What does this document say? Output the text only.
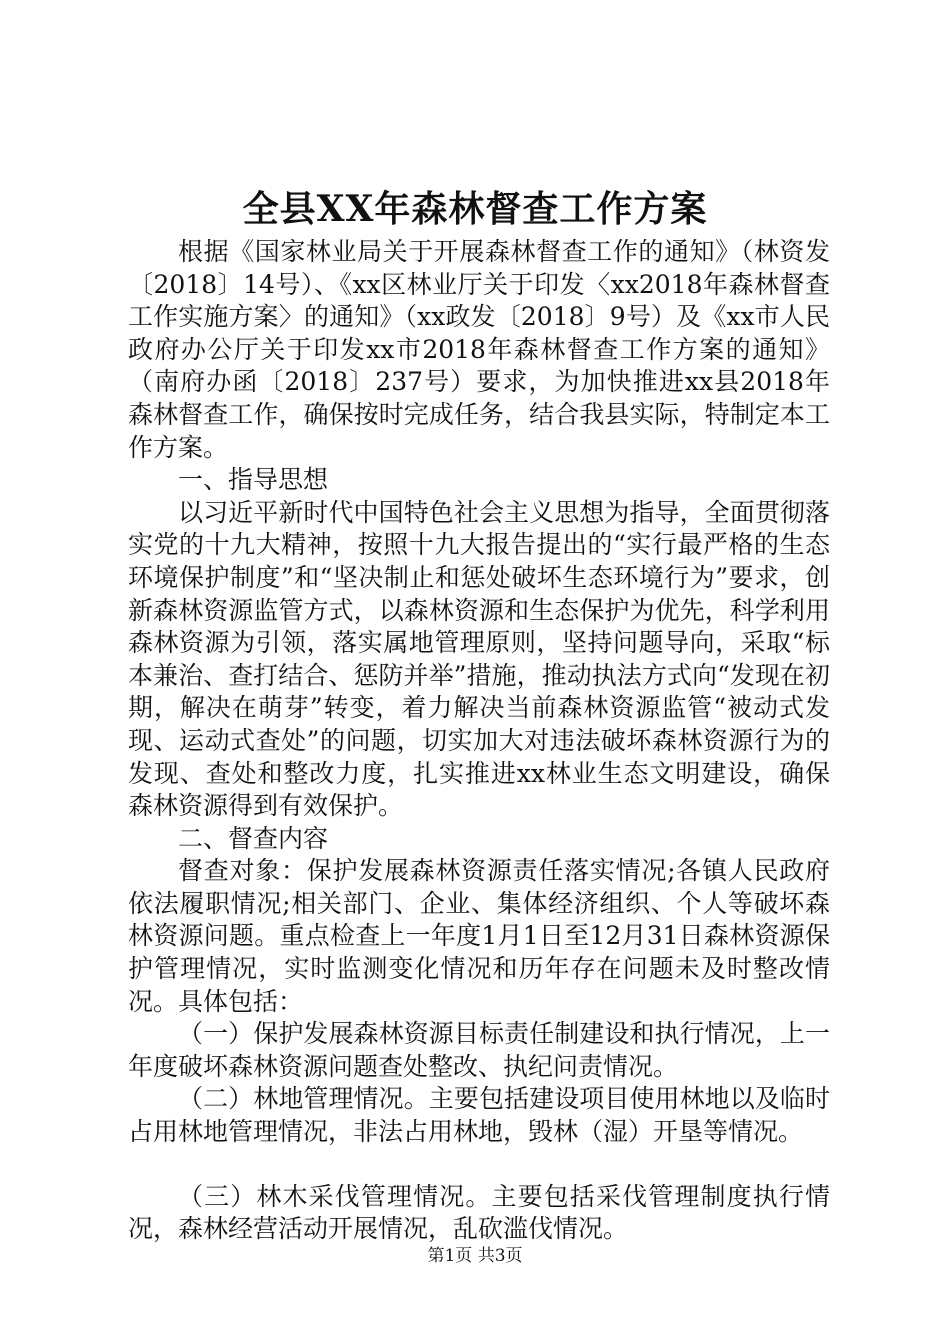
全县XX年森林督查工作方案

根据《国家林业局关于开展森林督查工作的通知》（林资发〔2018〕14号）、《xx区林业厅关于印发〈xx2018年森林督查工作实施方案〉的通知》（xx政发〔2018〕9号）及《xx市人民政府办公厅关于印发xx市2018年森林督查工作方案的通知》（南府办函〔2018〕237号）要求，为加快推进xx县2018年森林督查工作，确保按时完成任务，结合我县实际，特制定本工作方案。

一、指导思想

以习近平新时代中国特色社会主义思想为指导，全面贯彻落实党的十九大精神，按照十九大报告提出的“实行最严格的生态环境保护制度”和“坚决制止和惩处破坏生态环境行为”要求，创新森林资源监管方式，以森林资源和生态保护为优先，科学利用森林资源为引领，落实属地管理原则，坚持问题导向，采取“标本兼治、查打结合、惩防并举”措施，推动执法方式向“发现在初期，解决在萌芽”转变，着力解决当前森林资源监管“被动式发现、运动式查处”的问题，切实加大对违法破坏森林资源行为的发现、查处和整改力度，扎实推进xx林业生态文明建设，确保森林资源得到有效保护。

二、督查内容

督查对象：保护发展森林资源责任落实情况;各镇人民政府依法履职情况;相关部门、企业、集体经济组织、个人等破坏森林资源问题。重点检查上一年度1月1日至12月31日森林资源保护管理情况，实时监测变化情况和历年存在问题未及时整改情况。具体包括：

（一）保护发展森林资源目标责任制建设和执行情况，上一年度破坏森林资源问题查处整改、执纪问责情况。

（二）林地管理情况。主要包括建设项目使用林地以及临时占用林地管理情况，非法占用林地，毁林（湿）开垦等情况。

（三）林木采伐管理情况。主要包括采伐管理制度执行情况，森林经营活动开展情况，乱砍滥伐情况。

第1页 共3页
